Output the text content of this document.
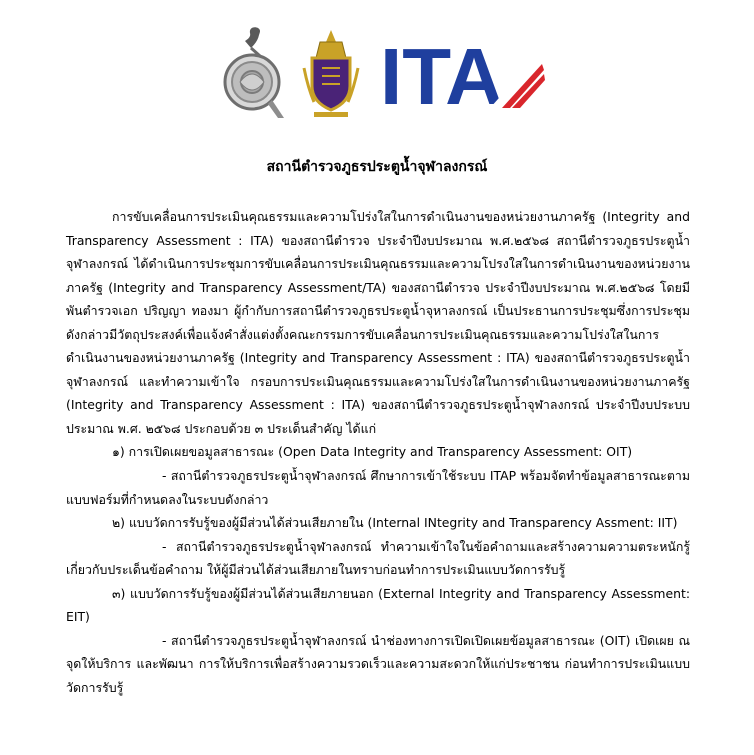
ITA
สถานีตำรวจภูธรประตูน้ำจุฬาลงกรณ์

การขับเคลื่อนการประเมินคุณธรรมและความโปร่งใสในการดำเนินงานของหน่วยงานภาครัฐ (Integrity and Transparency Assessment : ITA) ของสถานีตำรวจ ประจำปีงบประมาณ พ.ศ.๒๕๖๘ สถานีตำรวจภูธรประตูน้ำจุฬาลงกรณ์ ได้ดำเนินการประชุมการขับเคลื่อนการประเมินคุณธรรมและความโปรงใสในการดำเนินงานของหน่วยงานภาครัฐ (Integrity and Transparency Assessment/TA) ของสถานีตำรวจ ประจำปีงบประมาณ พ.ศ.๒๕๖๘ โดยมี พันตำรวจเอก ปริญญา ทองมา ผู้กำกับการสถานีตำรวจภูธรประตูน้ำจุหาลงกรณ์ เป็นประธานการประชุมซึ่งการประชุมดังกล่าวมีวัตถุประสงค์เพื่อแจ้งคำสั่งแต่งตั้งคณะกรรมการขับเคลื่อนการประเมินคุณธรรมและความโปร่งใสในการดำเนินงานของหน่วยงานภาครัฐ (Integrity and Transparency Assessment : ITA) ของสถานีตำรวจภูธรประตูน้ำจุฬาลงกรณ์ และทำความเข้าใจ กรอบการประเมินคุณธรรมและความโปร่งใสในการดำเนินงานของหน่วยงานภาครัฐ (Integrity and Transparency Assessment : ITA) ของสถานีตำรวจภูธรประตูน้ำจุฬาลงกรณ์ ประจำปีงบประบบประมาณ พ.ศ. ๒๕๖๘ ประกอบด้วย ๓ ประเด็นสำคัญ ได้แก่

๑) การเปิดเผยขอมูลสาธารณะ (Open Data Integrity and Transparency Assessment: OIT)

- สถานีตำรวจภูธรประตูน้ำจุฬาลงกรณ์ ศึกษาการเข้าใช้ระบบ ITAP พร้อมจัดทำข้อมูลสาธารณะตามแบบฟอร์มที่กำหนดลงในระบบดังกล่าว

๒) แบบวัดการรับรู้ของผู้มีส่วนได้ส่วนเสียภายใน (Internal INtegrity and Transparency Assment: IIT)

- สถานีตำรวจภูธรประตูน้ำจุฬาลงกรณ์ ทำความเข้าใจในข้อคำถามและสร้างความความตระหนักรู้เกี่ยวกับประเด็นข้อคำถาม ให้ผู้มีส่วนได้ส่วนเสียภายในทราบก่อนทำการประเมินแบบวัดการรับรู้

๓) แบบวัดการรับรู้ของผู้มีส่วนได้ส่วนเสียภายนอก (External Integrity and Transparency Assessment: EIT)

- สถานีตำรวจภูธรประตูน้ำจุฬาลงกรณ์ นำช่องทางการเปิดเปิดเผยข้อมูลสาธารณะ (OIT) เปิดเผย ณ จุดให้บริการ และพัฒนา การให้บริการเพื่อสร้างความรวดเร็วและความสะดวกให้แก่ประชาชน ก่อนทำการประเมินแบบวัดการรับรู้
